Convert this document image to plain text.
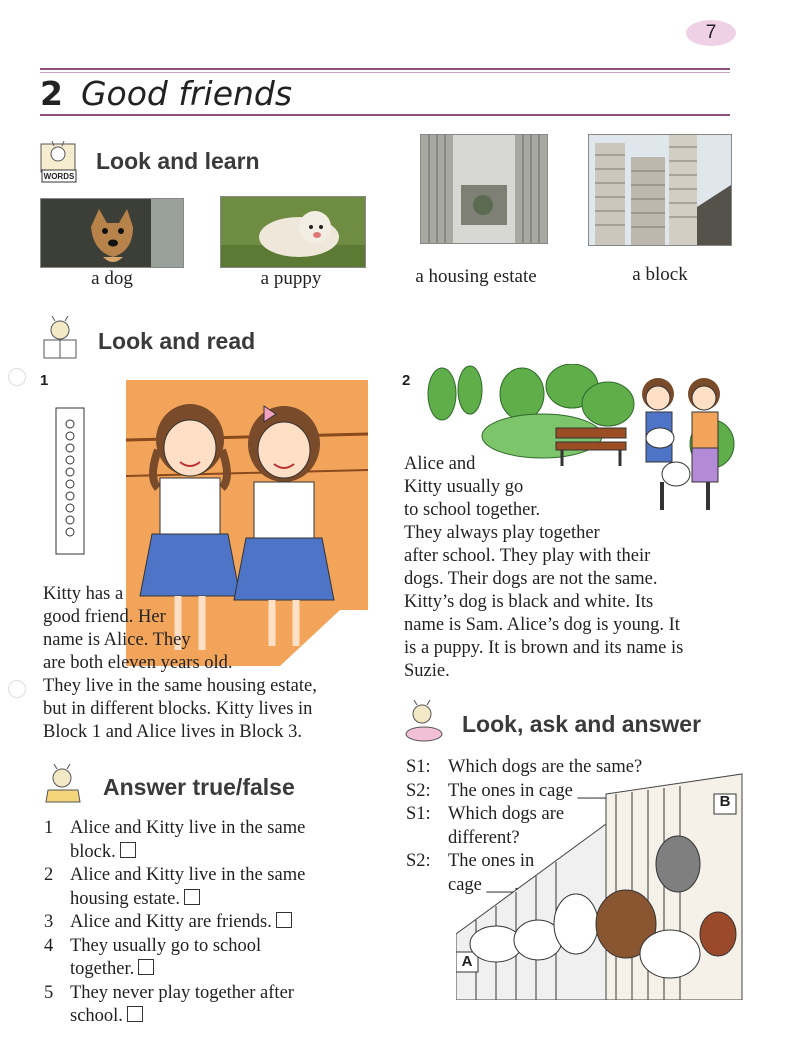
7
2 Good friends
WORDS
Look and learn
a dog	a puppy	a housing estate	a block
Look and read
1	2
Kitty has a
good friend. Her
name is Alice. They
are both eleven years old.
They live in the same housing estate,
but in different blocks. Kitty lives in
Block 1 and Alice lives in Block 3.
Alice and
Kitty usually go
to school together.
They always play together
after school. They play with their
dogs. Their dogs are not the same.
Kitty’s dog is black and white. Its
name is Sam. Alice’s dog is young. It
is a puppy. It is brown and its name is
Suzie.
Answer true/false
1 Alice and Kitty live in the same
block.
2 Alice and Kitty live in the same
housing estate.
3 Alice and Kitty are friends.
4 They usually go to school
together.
5 They never play together after
school.
Look, ask and answer
S1: Which dogs are the same?
S2: The ones in cage ____.
S1: Which dogs are
different?
S2: The ones in
cage ___.
B
A
